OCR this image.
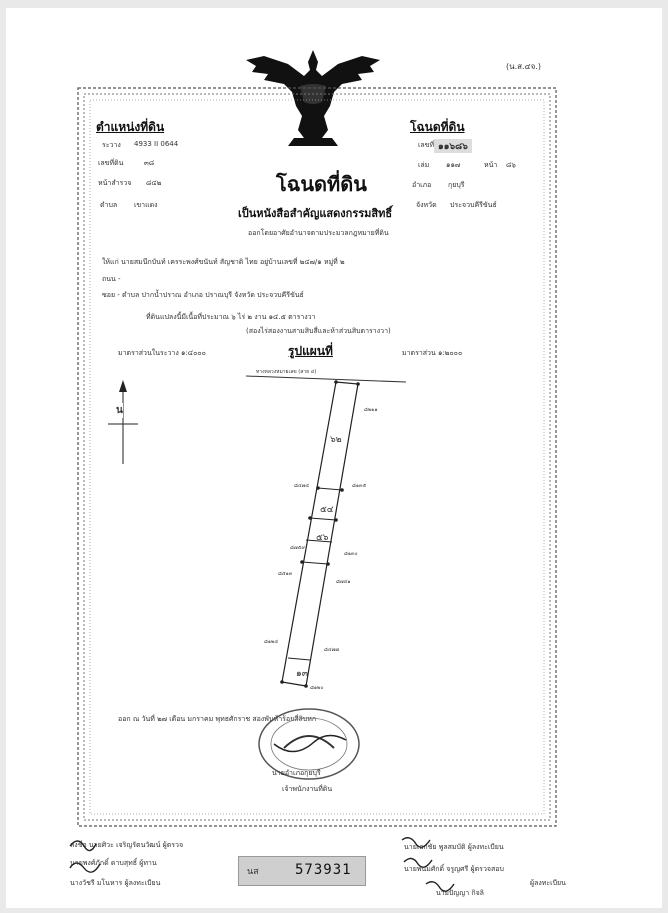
(น.ส.๔จ.)
ตำแหน่งที่ดิน	โฉนดที่ดิน
ระวาง 4933 II 0644
เลขที่ดิน	๓๘
หน้าสำรวจ ๘๔๒
ตำบล เขาแดง
เลขที่ ๑๑๖๘๖
เล่ม ๑๑๗	หน้า ๘๖
อำเภอ กุยบุรี
จังหวัด ประจวบคีรีขันธ์
โฉนดที่ดิน
เป็นหนังสือสำคัญแสดงกรรมสิทธิ์
ออกโดยอาศัยอำนาจตามประมวลกฎหมายที่ดิน
ให้แก่ นายสมนึกบันท์ เครระพงศ์ขนันท์ สัญชาติ ไทย อยู่บ้านเลขที่ ๒๔๗/๑ หมู่ที่ ๒
ถนน -
ซอย - ตำบล ปากน้ำปราณ อำเภอ ปราณบุรี จังหวัด ประจวบคีรีขันธ์
ที่ดินแปลงนี้มีเนื้อที่ประมาณ ๖ ไร่ ๒ งาน ๑๔.๕ ตารางวา
(สองไร่สองงานสามสิบสี่และห้าส่วนสิบตารางวา)
มาตราส่วนในระวาง ๑:๔๐๐๐	รูปแผนที่	มาตราส่วน ๑:๒๐๐๐
ทางหลวงหมายเลข (สาย ๔)
น
๖๒
๕๔
๕๖
๑๓
๘๒๑๑
๘๔๗๔	๘๑๓๕
๘๗๕๙
๘๑๓๐
๘๕๑๓
๘๗๔๑
๘๑๒๔
๘๔๗๗
๘๑๒๐
ออก ณ วันที่ ๒๗ เดือน มกราคม พุทธศักราช สองพันห้าร้อยสี่สิบหก
นายอำเภอกุยบุรี
เจ้าพนักงานที่ดิน
ลงชื่อ นายศิวะ เจริญรัตนวัฒน์ ผู้ตรวจ
นายพงศ์ภักดิ์ ดาบสุทธิ์ ผู้ทาน
นางวัชรี มโนหาร ผู้ลงทะเบียน
นายเอกชัย พูลสมบัติ ผู้ลงทะเบียน
นายพนมศักดิ์ จรูญศรี ผู้ตรวจสอบ
นายปัญญา กิจลิ
ผู้ลงทะเบียน
นส	573931
